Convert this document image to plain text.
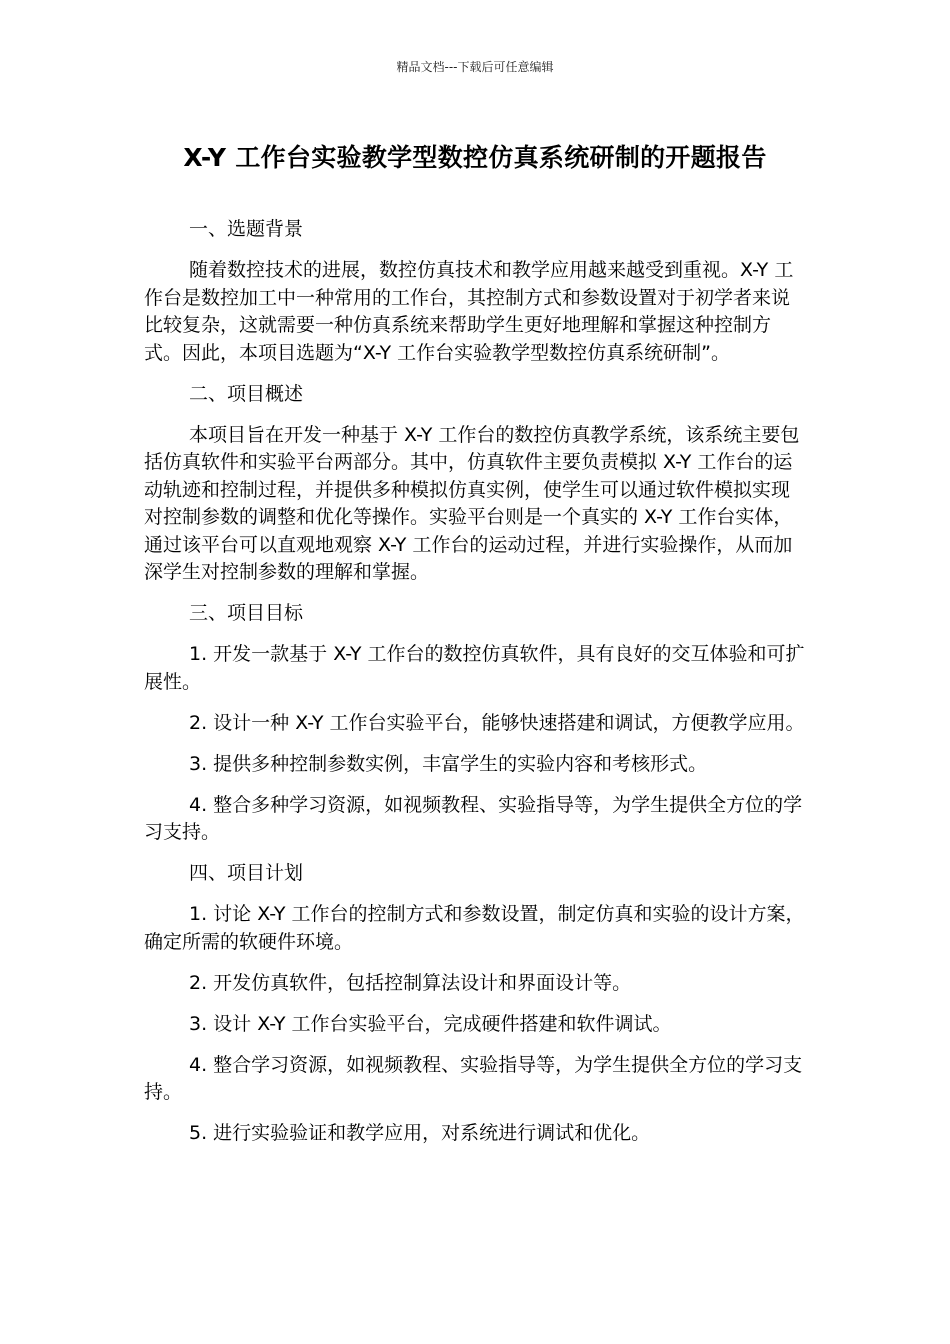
精品文档---下载后可任意编辑
X-Y 工作台实验教学型数控仿真系统研制的开题报告

一、选题背景

随着数控技术的进展，数控仿真技术和教学应用越来越受到重视。X-Y 工作台是数控加工中一种常用的工作台，其控制方式和参数设置对于初学者来说比较复杂，这就需要一种仿真系统来帮助学生更好地理解和掌握这种控制方式。因此，本项目选题为“X-Y 工作台实验教学型数控仿真系统研制”。

二、项目概述

本项目旨在开发一种基于 X-Y 工作台的数控仿真教学系统，该系统主要包括仿真软件和实验平台两部分。其中，仿真软件主要负责模拟 X-Y 工作台的运动轨迹和控制过程，并提供多种模拟仿真实例，使学生可以通过软件模拟实现对控制参数的调整和优化等操作。实验平台则是一个真实的 X-Y 工作台实体，通过该平台可以直观地观察 X-Y 工作台的运动过程，并进行实验操作，从而加深学生对控制参数的理解和掌握。

三、项目目标

1. 开发一款基于 X-Y 工作台的数控仿真软件，具有良好的交互体验和可扩展性。

2. 设计一种 X-Y 工作台实验平台，能够快速搭建和调试，方便教学应用。

3. 提供多种控制参数实例，丰富学生的实验内容和考核形式。

4. 整合多种学习资源，如视频教程、实验指导等，为学生提供全方位的学习支持。

四、项目计划

1. 讨论 X-Y 工作台的控制方式和参数设置，制定仿真和实验的设计方案，确定所需的软硬件环境。

2. 开发仿真软件，包括控制算法设计和界面设计等。

3. 设计 X-Y 工作台实验平台，完成硬件搭建和软件调试。

4. 整合学习资源，如视频教程、实验指导等，为学生提供全方位的学习支持。

5. 进行实验验证和教学应用，对系统进行调试和优化。
